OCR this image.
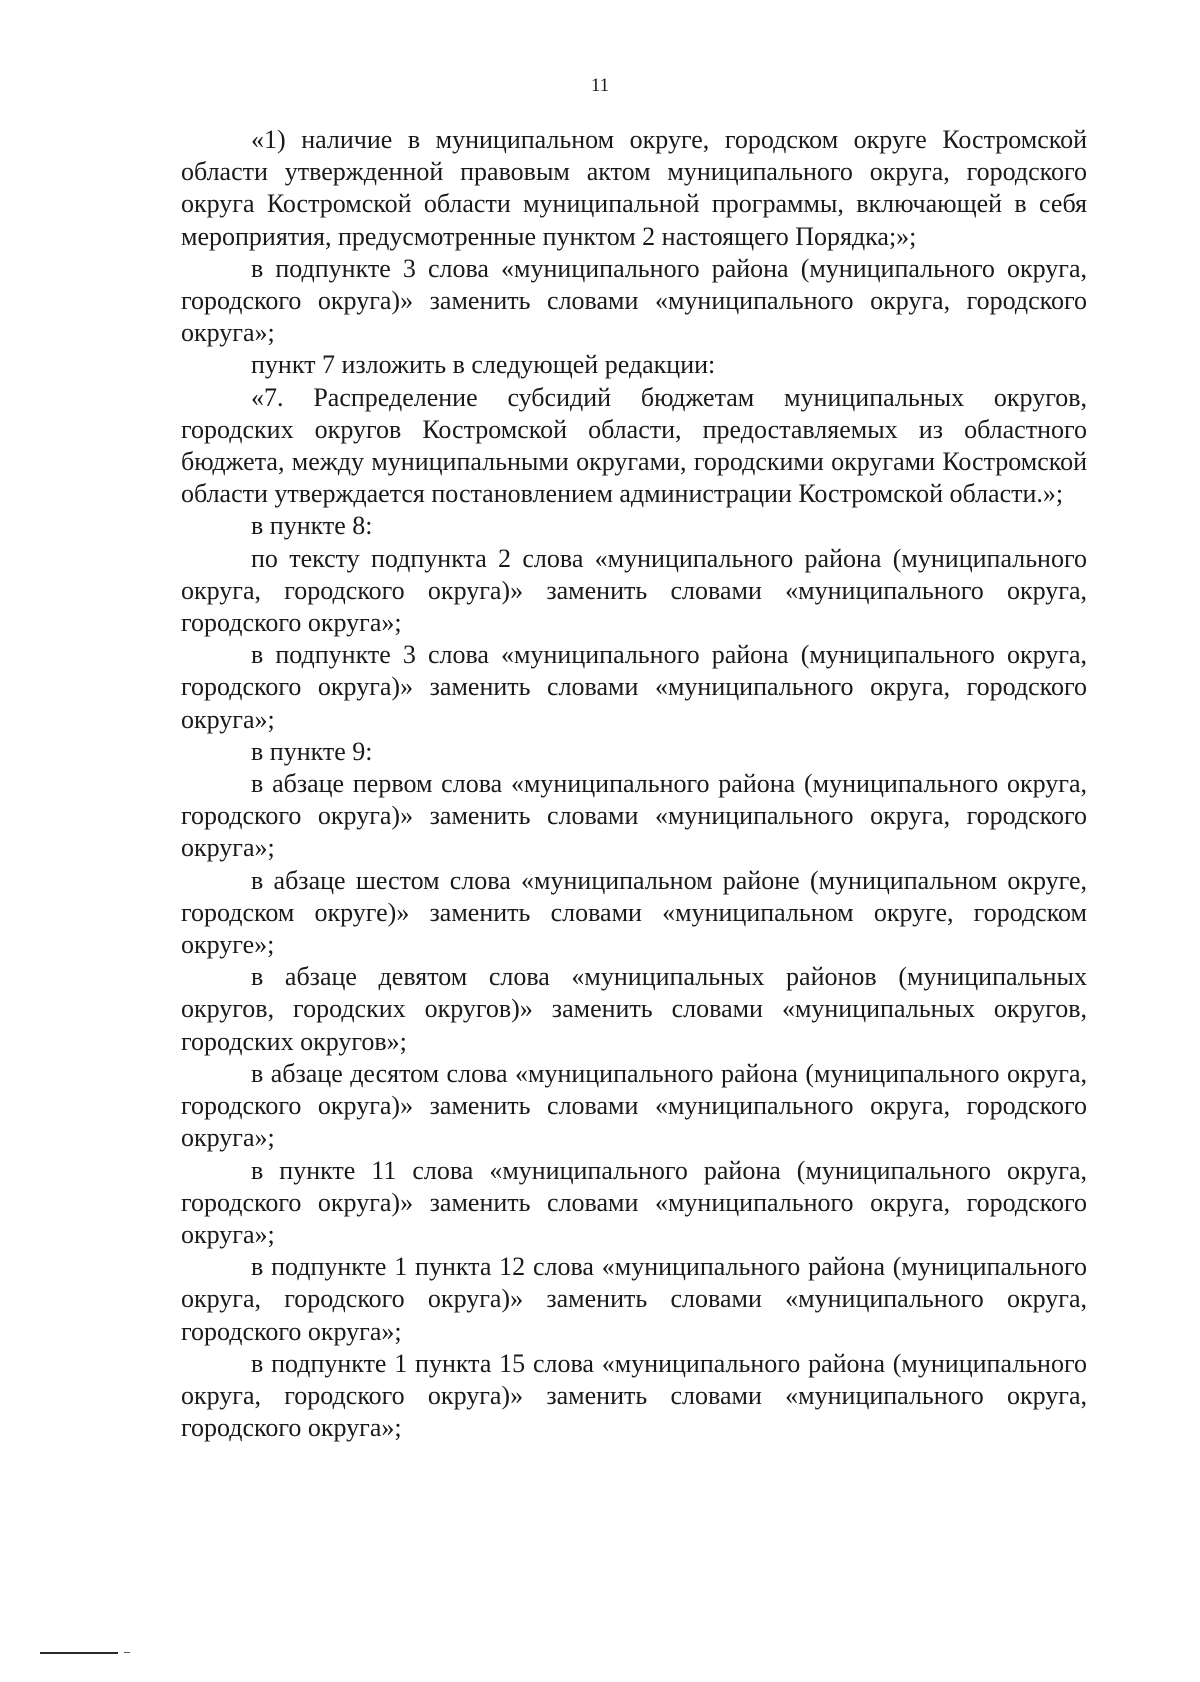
11

«1) наличие в муниципальном округе, городском округе Костромской области утвержденной правовым актом муниципального округа, городского округа Костромской области муниципальной программы, включающей в себя мероприятия, предусмотренные пунктом 2 настоящего Порядка;»;

в подпункте 3 слова «муниципального района (муниципального округа, городского округа)» заменить словами «муниципального округа, городского округа»;

пункт 7 изложить в следующей редакции:

«7. Распределение субсидий бюджетам муниципальных округов, городских округов Костромской области, предоставляемых из областного бюджета, между муниципальными округами, городскими округами Костромской области утверждается постановлением администрации Костромской области.»;

в пункте 8:

по тексту подпункта 2 слова «муниципального района (муниципального округа, городского округа)» заменить словами «муниципального округа, городского округа»;

в подпункте 3 слова «муниципального района (муниципального округа, городского округа)» заменить словами «муниципального округа, городского округа»;

в пункте 9:

в абзаце первом слова «муниципального района (муниципального округа, городского округа)» заменить словами «муниципального округа, городского округа»;

в абзаце шестом слова «муниципальном районе (муниципальном округе, городском округе)» заменить словами «муниципальном округе, городском округе»;

в абзаце девятом слова «муниципальных районов (муниципальных округов, городских округов)» заменить словами «муниципальных округов, городских округов»;

в абзаце десятом слова «муниципального района (муниципального округа, городского округа)» заменить словами «муниципального округа, городского округа»;

в пункте 11 слова «муниципального района (муниципального округа, городского округа)» заменить словами «муниципального округа, городского округа»;

в подпункте 1 пункта 12 слова «муниципального района (муниципального округа, городского округа)» заменить словами «муниципального округа, городского округа»;

в подпункте 1 пункта 15 слова «муниципального района (муниципального округа, городского округа)» заменить словами «муниципального округа, городского округа»;
